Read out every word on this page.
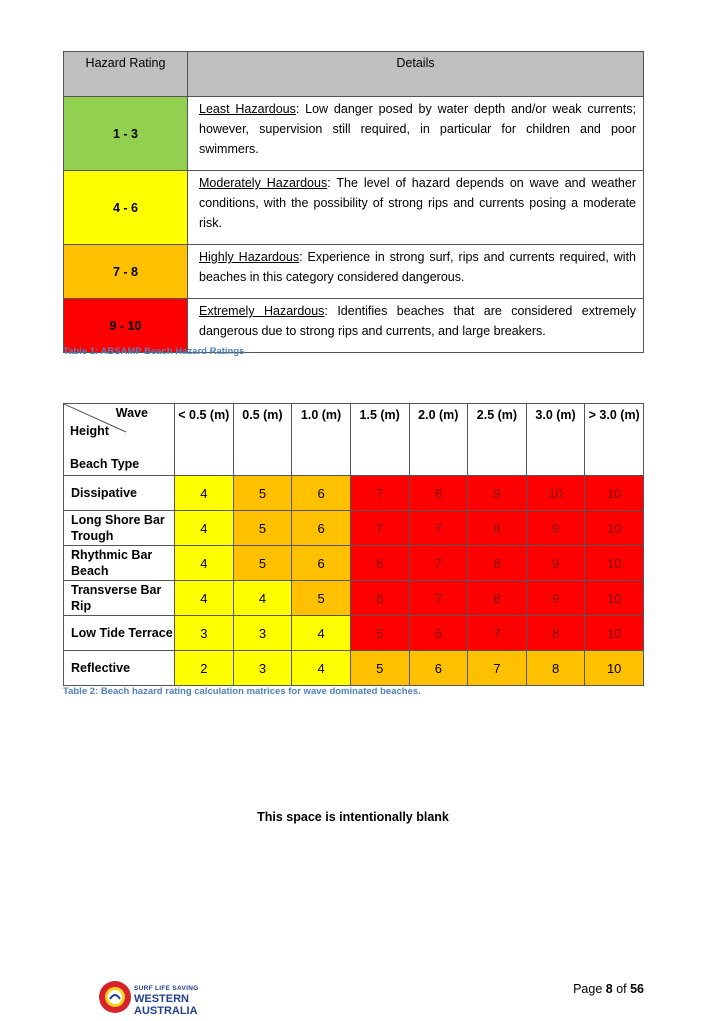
Hazard Rating	Details
1 - 3	Least Hazardous: Low danger posed by water depth and/or weak currents; however, supervision still required, in particular for children and poor swimmers.
4 - 6	Moderately Hazardous: The level of hazard depends on wave and weather conditions, with the possibility of strong rips and currents posing a moderate risk.
7 - 8	Highly Hazardous: Experience in strong surf, rips and currents required, with beaches in this category considered dangerous.
9 - 10	Extremely Hazardous: Identifies beaches that are considered extremely dangerous due to strong rips and currents, and large breakers.
Table 1: ABSAMP Beach Hazard Ratings
Wave
Height
Beach Type	< 0.5 (m)	0.5 (m)	1.0 (m)	1.5 (m)	2.0 (m)	2.5 (m)	3.0 (m)	> 3.0 (m)
Dissipative	4	5	6	7	8	9	10	10
Long Shore Bar Trough	4	5	6	7	7	8	9	10
Rhythmic Bar Beach	4	5	6	6	7	8	9	10
Transverse Bar Rip	4	4	5	6	7	8	9	10
Low Tide Terrace	3	3	4	5	6	7	8	10
Reflective	2	3	4	5	6	7	8	10
Table 2: Beach hazard rating calculation matrices for wave dominated beaches.
This space is intentionally blank
SURF LIFE SAVING
WESTERN AUSTRALIA
Page 8 of 56
